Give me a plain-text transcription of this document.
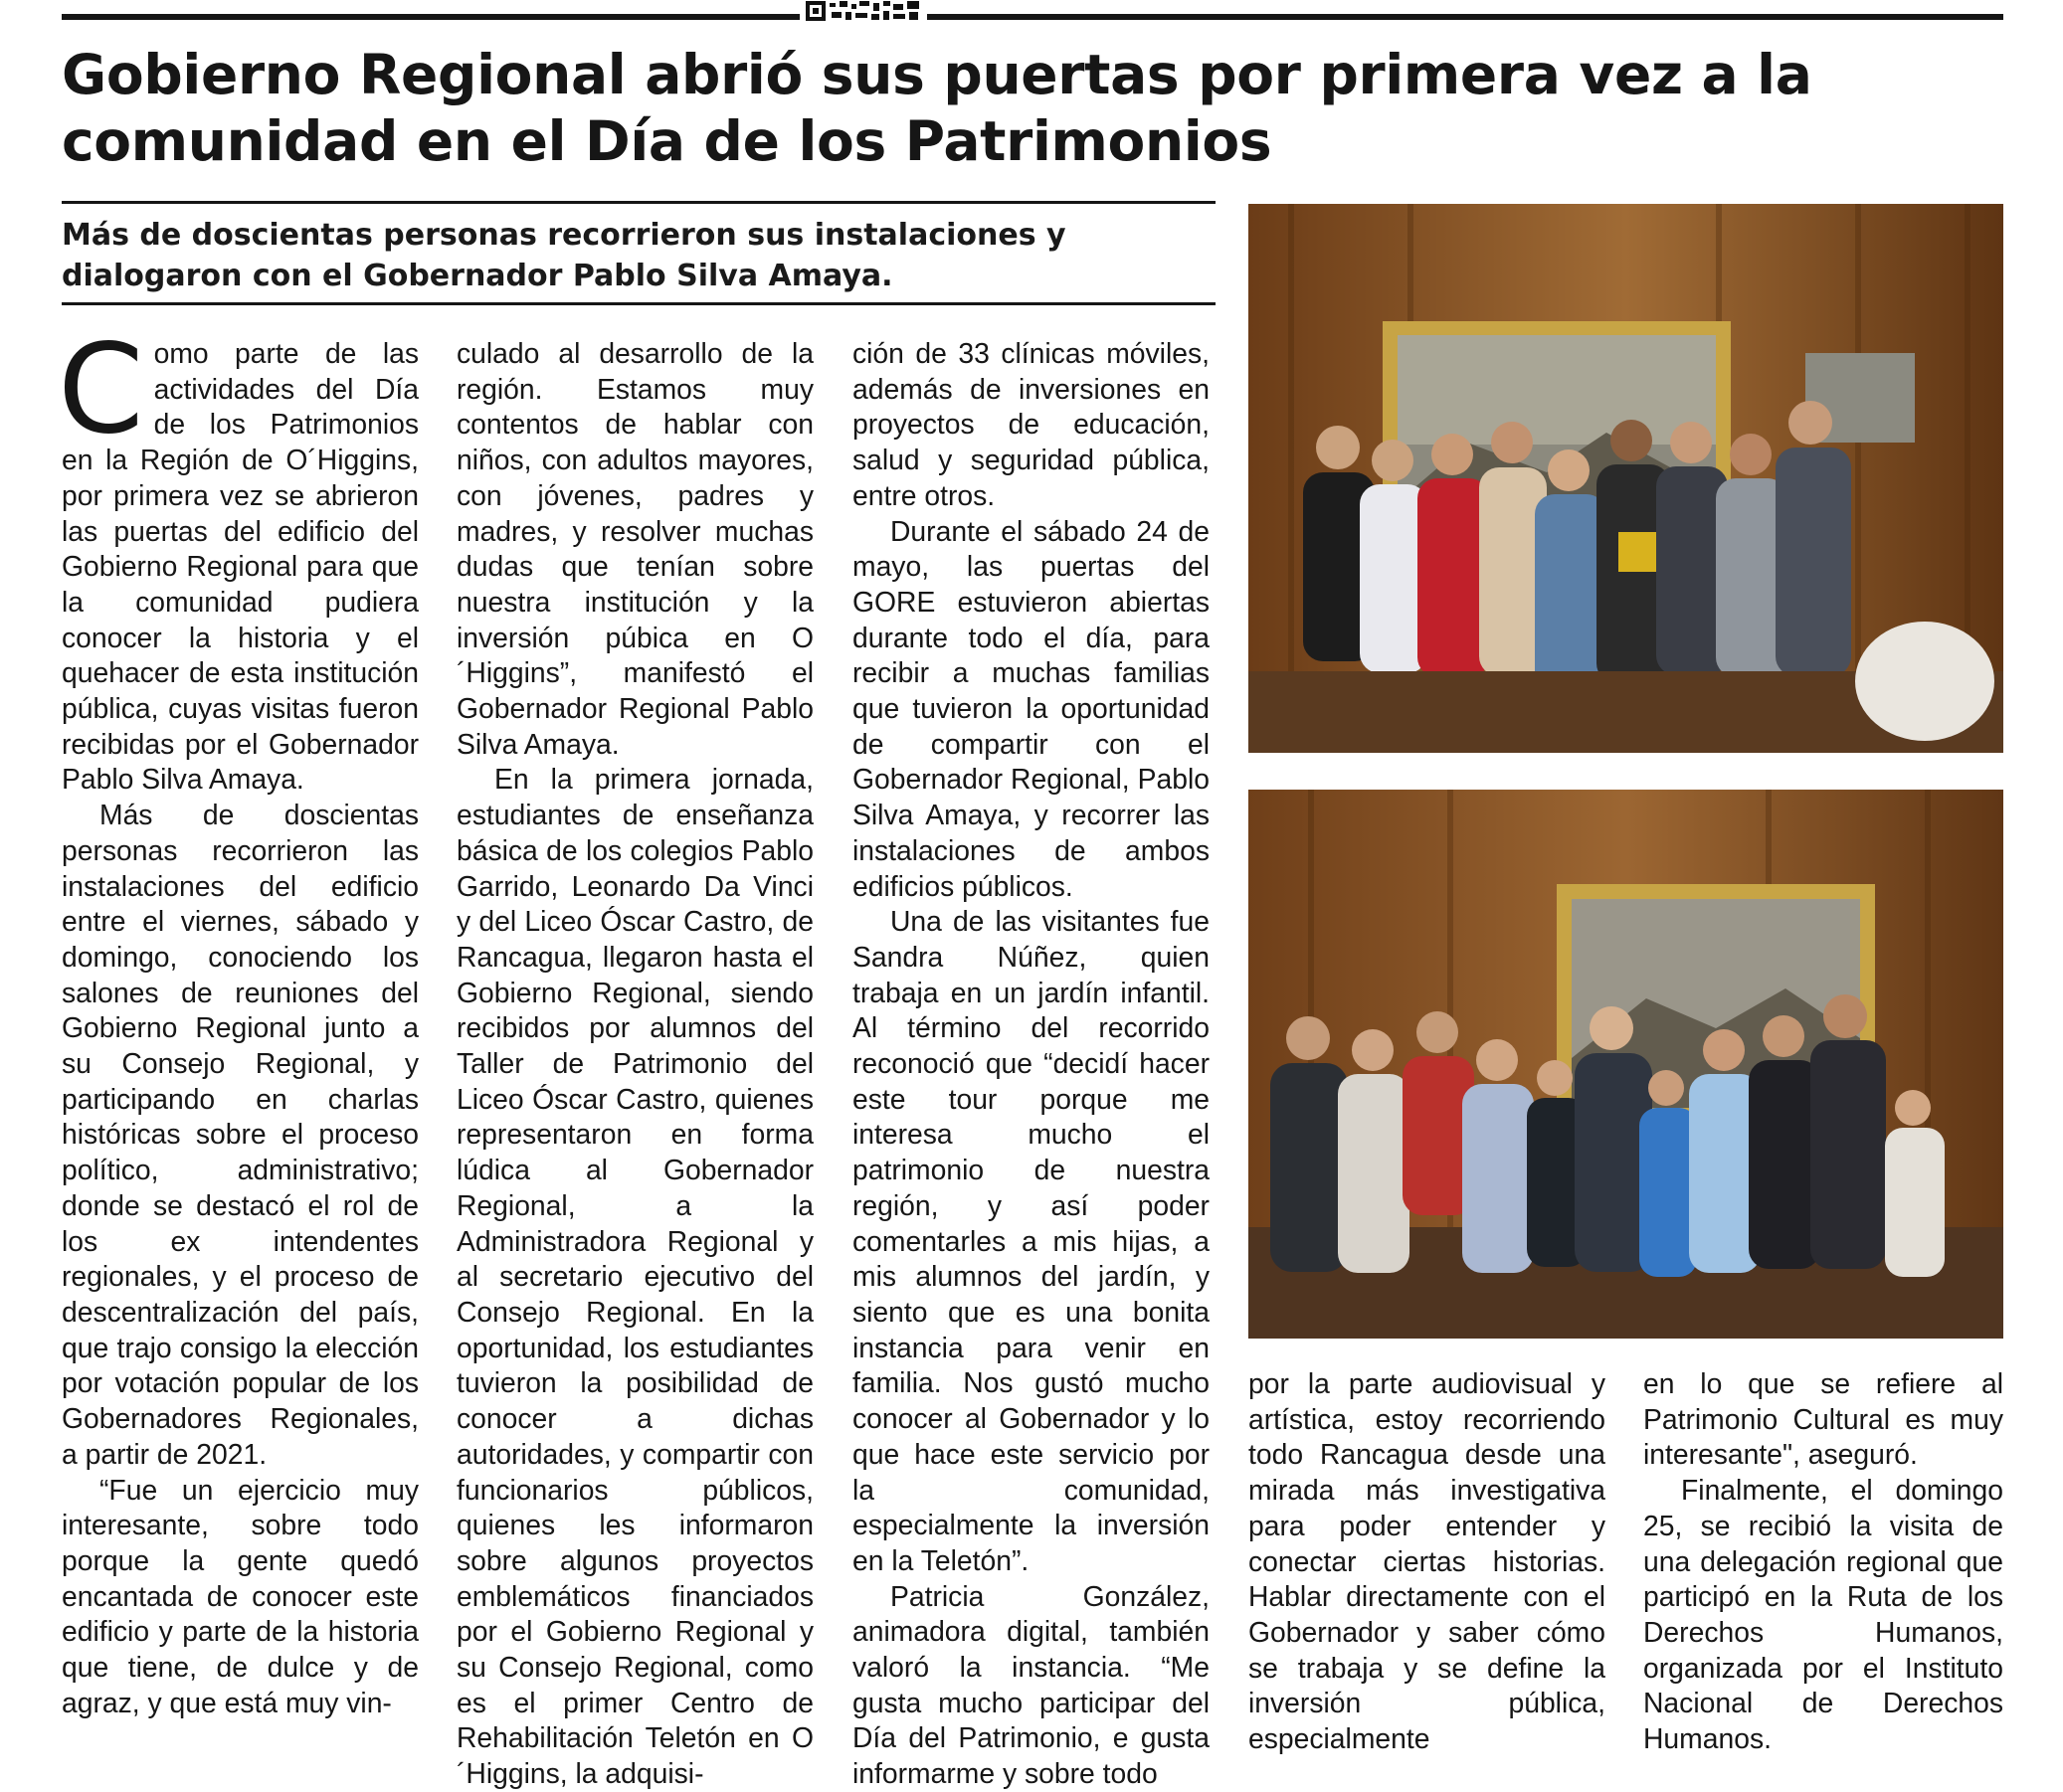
Gobierno Regional abrió sus puertas por primera vez a la comunidad en el Día de los Patrimonios

Más de doscientas personas recorrieron sus instalaciones y dialogaron con el Gobernador Pablo Silva Amaya.

Como parte de las actividades del Día de los Patrimonios en la Región de O´Higgins, por primera vez se abrieron las puertas del edificio del Gobierno Regional para que la comunidad pudiera conocer la historia y el quehacer de esta institución pública, cuyas visitas fueron recibidas por el Gobernador Pablo Silva Amaya.

Más de doscientas personas recorrieron las instalaciones del edificio entre el viernes, sábado y domingo, conociendo los salones de reuniones del Gobierno Regional junto a su Consejo Regional, y participando en charlas históricas sobre el proceso político, administrativo; donde se destacó el rol de los ex intendentes regionales, y el proceso de descentralización del país, que trajo consigo la elección por votación popular de los Gobernadores Regionales, a partir de 2021.

“Fue un ejercicio muy interesante, sobre todo porque la gente quedó encantada de conocer este edificio y parte de la historia que tiene, de dulce y de agraz, y que está muy vin-

culado al desarrollo de la región. Estamos muy contentos de hablar con niños, con adultos mayores, con jóvenes, padres y madres, y resolver muchas dudas que tenían sobre nuestra institución y la inversión púbica en O´Higgins”, manifestó el Gobernador Regional Pablo Silva Amaya.

En la primera jornada, estudiantes de enseñanza básica de los colegios Pablo Garrido, Leonardo Da Vinci y del Liceo Óscar Castro, de Rancagua, llegaron hasta el Gobierno Regional, siendo recibidos por alumnos del Taller de Patrimonio del Liceo Óscar Castro, quienes representaron en forma lúdica al Gobernador Regional, a la Administradora Regional y al secretario ejecutivo del Consejo Regional. En la oportunidad, los estudiantes tuvieron la posibilidad de conocer a dichas autoridades, y compartir con funcionarios públicos, quienes les informaron sobre algunos proyectos emblemáticos financiados por el Gobierno Regional y su Consejo Regional, como es el primer Centro de Rehabilitación Teletón en O´Higgins, la adquisi-

ción de 33 clínicas móviles, además de inversiones en proyectos de educación, salud y seguridad pública, entre otros.

Durante el sábado 24 de mayo, las puertas del GORE estuvieron abiertas durante todo el día, para recibir a muchas familias que tuvieron la oportunidad de compartir con el Gobernador Regional, Pablo Silva Amaya, y recorrer las instalaciones de ambos edificios públicos.

Una de las visitantes fue Sandra Núñez, quien trabaja en un jardín infantil. Al término del recorrido reconoció que “decidí hacer este tour porque me interesa mucho el patrimonio de nuestra región, y así poder comentarles a mis hijas, a mis alumnos del jardín, y siento que es una bonita instancia para venir en familia. Nos gustó mucho conocer al Gobernador y lo que hace este servicio por la comunidad, especialmente la inversión en la Teletón”.

Patricia González, animadora digital, también valoró la instancia. “Me gusta mucho participar del Día del Patrimonio, e gusta informarme y sobre todo

por la parte audiovisual y artística, estoy recorriendo todo Rancagua desde una mirada más investigativa para poder entender y conectar ciertas historias. Hablar directamente con el Gobernador y saber cómo se trabaja y se define la inversión pública, especialmente

en lo que se refiere al Patrimonio Cultural es muy interesante", aseguró.

Finalmente, el domingo 25, se recibió la visita de una delegación regional que participó en la Ruta de los Derechos Humanos, organizada por el Instituto Nacional de Derechos Humanos.
